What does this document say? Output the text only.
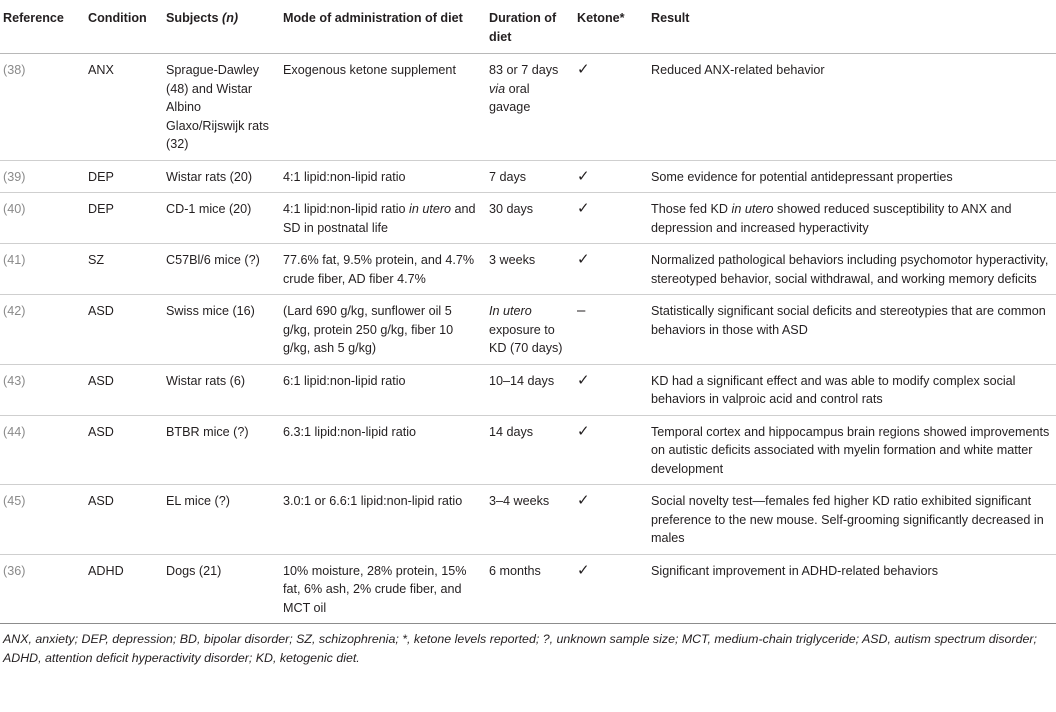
Reference	Condition	Subjects (n)	Mode of administration of diet	Duration of diet	Ketone*	Result
(38)	ANX	Sprague-Dawley (48) and Wistar Albino Glaxo/Rijswijk rats (32)	Exogenous ketone supplement	83 or 7 days via oral gavage	✓	Reduced ANX-related behavior
(39)	DEP	Wistar rats (20)	4:1 lipid:non-lipid ratio	7 days	✓	Some evidence for potential antidepressant properties
(40)	DEP	CD-1 mice (20)	4:1 lipid:non-lipid ratio in utero and SD in postnatal life	30 days	✓	Those fed KD in utero showed reduced susceptibility to ANX and depression and increased hyperactivity
(41)	SZ	C57Bl/6 mice (?)	77.6% fat, 9.5% protein, and 4.7% crude fiber, AD fiber 4.7%	3 weeks	✓	Normalized pathological behaviors including psychomotor hyperactivity, stereotyped behavior, social withdrawal, and working memory deficits
(42)	ASD	Swiss mice (16)	(Lard 690 g/kg, sunflower oil 5 g/kg, protein 250 g/kg, fiber 10 g/kg, ash 5 g/kg)	In utero exposure to KD (70 days)	–	Statistically significant social deficits and stereotypies that are common behaviors in those with ASD
(43)	ASD	Wistar rats (6)	6:1 lipid:non-lipid ratio	10–14 days	✓	KD had a significant effect and was able to modify complex social behaviors in valproic acid and control rats
(44)	ASD	BTBR mice (?)	6.3:1 lipid:non-lipid ratio	14 days	✓	Temporal cortex and hippocampus brain regions showed improvements on autistic deficits associated with myelin formation and white matter development
(45)	ASD	EL mice (?)	3.0:1 or 6.6:1 lipid:non-lipid ratio	3–4 weeks	✓	Social novelty test—females fed higher KD ratio exhibited significant preference to the new mouse. Self-grooming significantly decreased in males
(36)	ADHD	Dogs (21)	10% moisture, 28% protein, 15% fat, 6% ash, 2% crude fiber, and MCT oil	6 months	✓	Significant improvement in ADHD-related behaviors
ANX, anxiety; DEP, depression; BD, bipolar disorder; SZ, schizophrenia; *, ketone levels reported; ?, unknown sample size; MCT, medium-chain triglyceride; ASD, autism spectrum disorder; ADHD, attention deficit hyperactivity disorder; KD, ketogenic diet.
